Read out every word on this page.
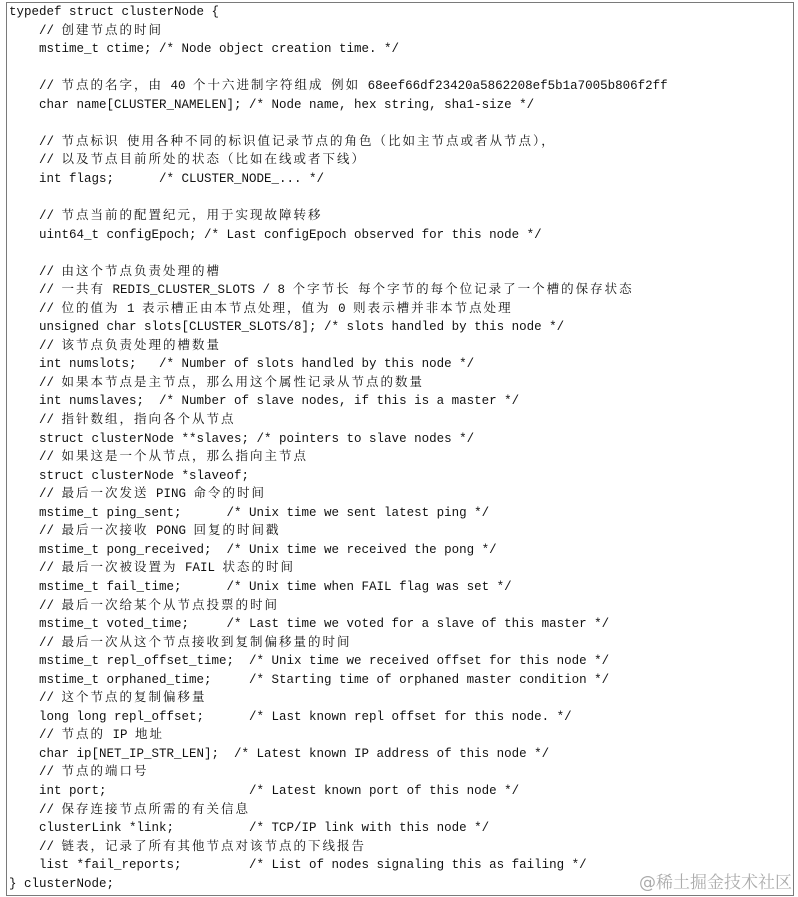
typedef struct clusterNode {
// 创建节点的时间
mstime_t ctime; /* Node object creation time. */
// 节点的名字，由 40 个十六进制字符组成 例如 68eef66df23420a5862208ef5b1a7005b806f2ff
char name[CLUSTER_NAMELEN]; /* Node name, hex string, sha1-size */
// 节点标识 使用各种不同的标识值记录节点的角色（比如主节点或者从节点），
// 以及节点目前所处的状态（比如在线或者下线）
int flags;      /* CLUSTER_NODE_... */
// 节点当前的配置纪元，用于实现故障转移
uint64_t configEpoch; /* Last configEpoch observed for this node */
// 由这个节点负责处理的槽
// 一共有 REDIS_CLUSTER_SLOTS / 8 个字节长 每个字节的每个位记录了一个槽的保存状态
// 位的值为 1 表示槽正由本节点处理，值为 0 则表示槽并非本节点处理
unsigned char slots[CLUSTER_SLOTS/8]; /* slots handled by this node */
// 该节点负责处理的槽数量
int numslots;   /* Number of slots handled by this node */
// 如果本节点是主节点，那么用这个属性记录从节点的数量
int numslaves;  /* Number of slave nodes, if this is a master */
// 指针数组，指向各个从节点
struct clusterNode **slaves; /* pointers to slave nodes */
// 如果这是一个从节点，那么指向主节点
struct clusterNode *slaveof;
// 最后一次发送 PING 命令的时间
mstime_t ping_sent;      /* Unix time we sent latest ping */
// 最后一次接收 PONG 回复的时间戳
mstime_t pong_received;  /* Unix time we received the pong */
// 最后一次被设置为 FAIL 状态的时间
mstime_t fail_time;      /* Unix time when FAIL flag was set */
// 最后一次给某个从节点投票的时间
mstime_t voted_time;     /* Last time we voted for a slave of this master */
// 最后一次从这个节点接收到复制偏移量的时间
mstime_t repl_offset_time;  /* Unix time we received offset for this node */
mstime_t orphaned_time;     /* Starting time of orphaned master condition */
// 这个节点的复制偏移量
long long repl_offset;      /* Last known repl offset for this node. */
// 节点的 IP 地址
char ip[NET_IP_STR_LEN];  /* Latest known IP address of this node */
// 节点的端口号
int port;                   /* Latest known port of this node */
// 保存连接节点所需的有关信息
clusterLink *link;          /* TCP/IP link with this node */
// 链表，记录了所有其他节点对该节点的下线报告
list *fail_reports;         /* List of nodes signaling this as failing */
} clusterNode;	@稀土掘金技术社区
